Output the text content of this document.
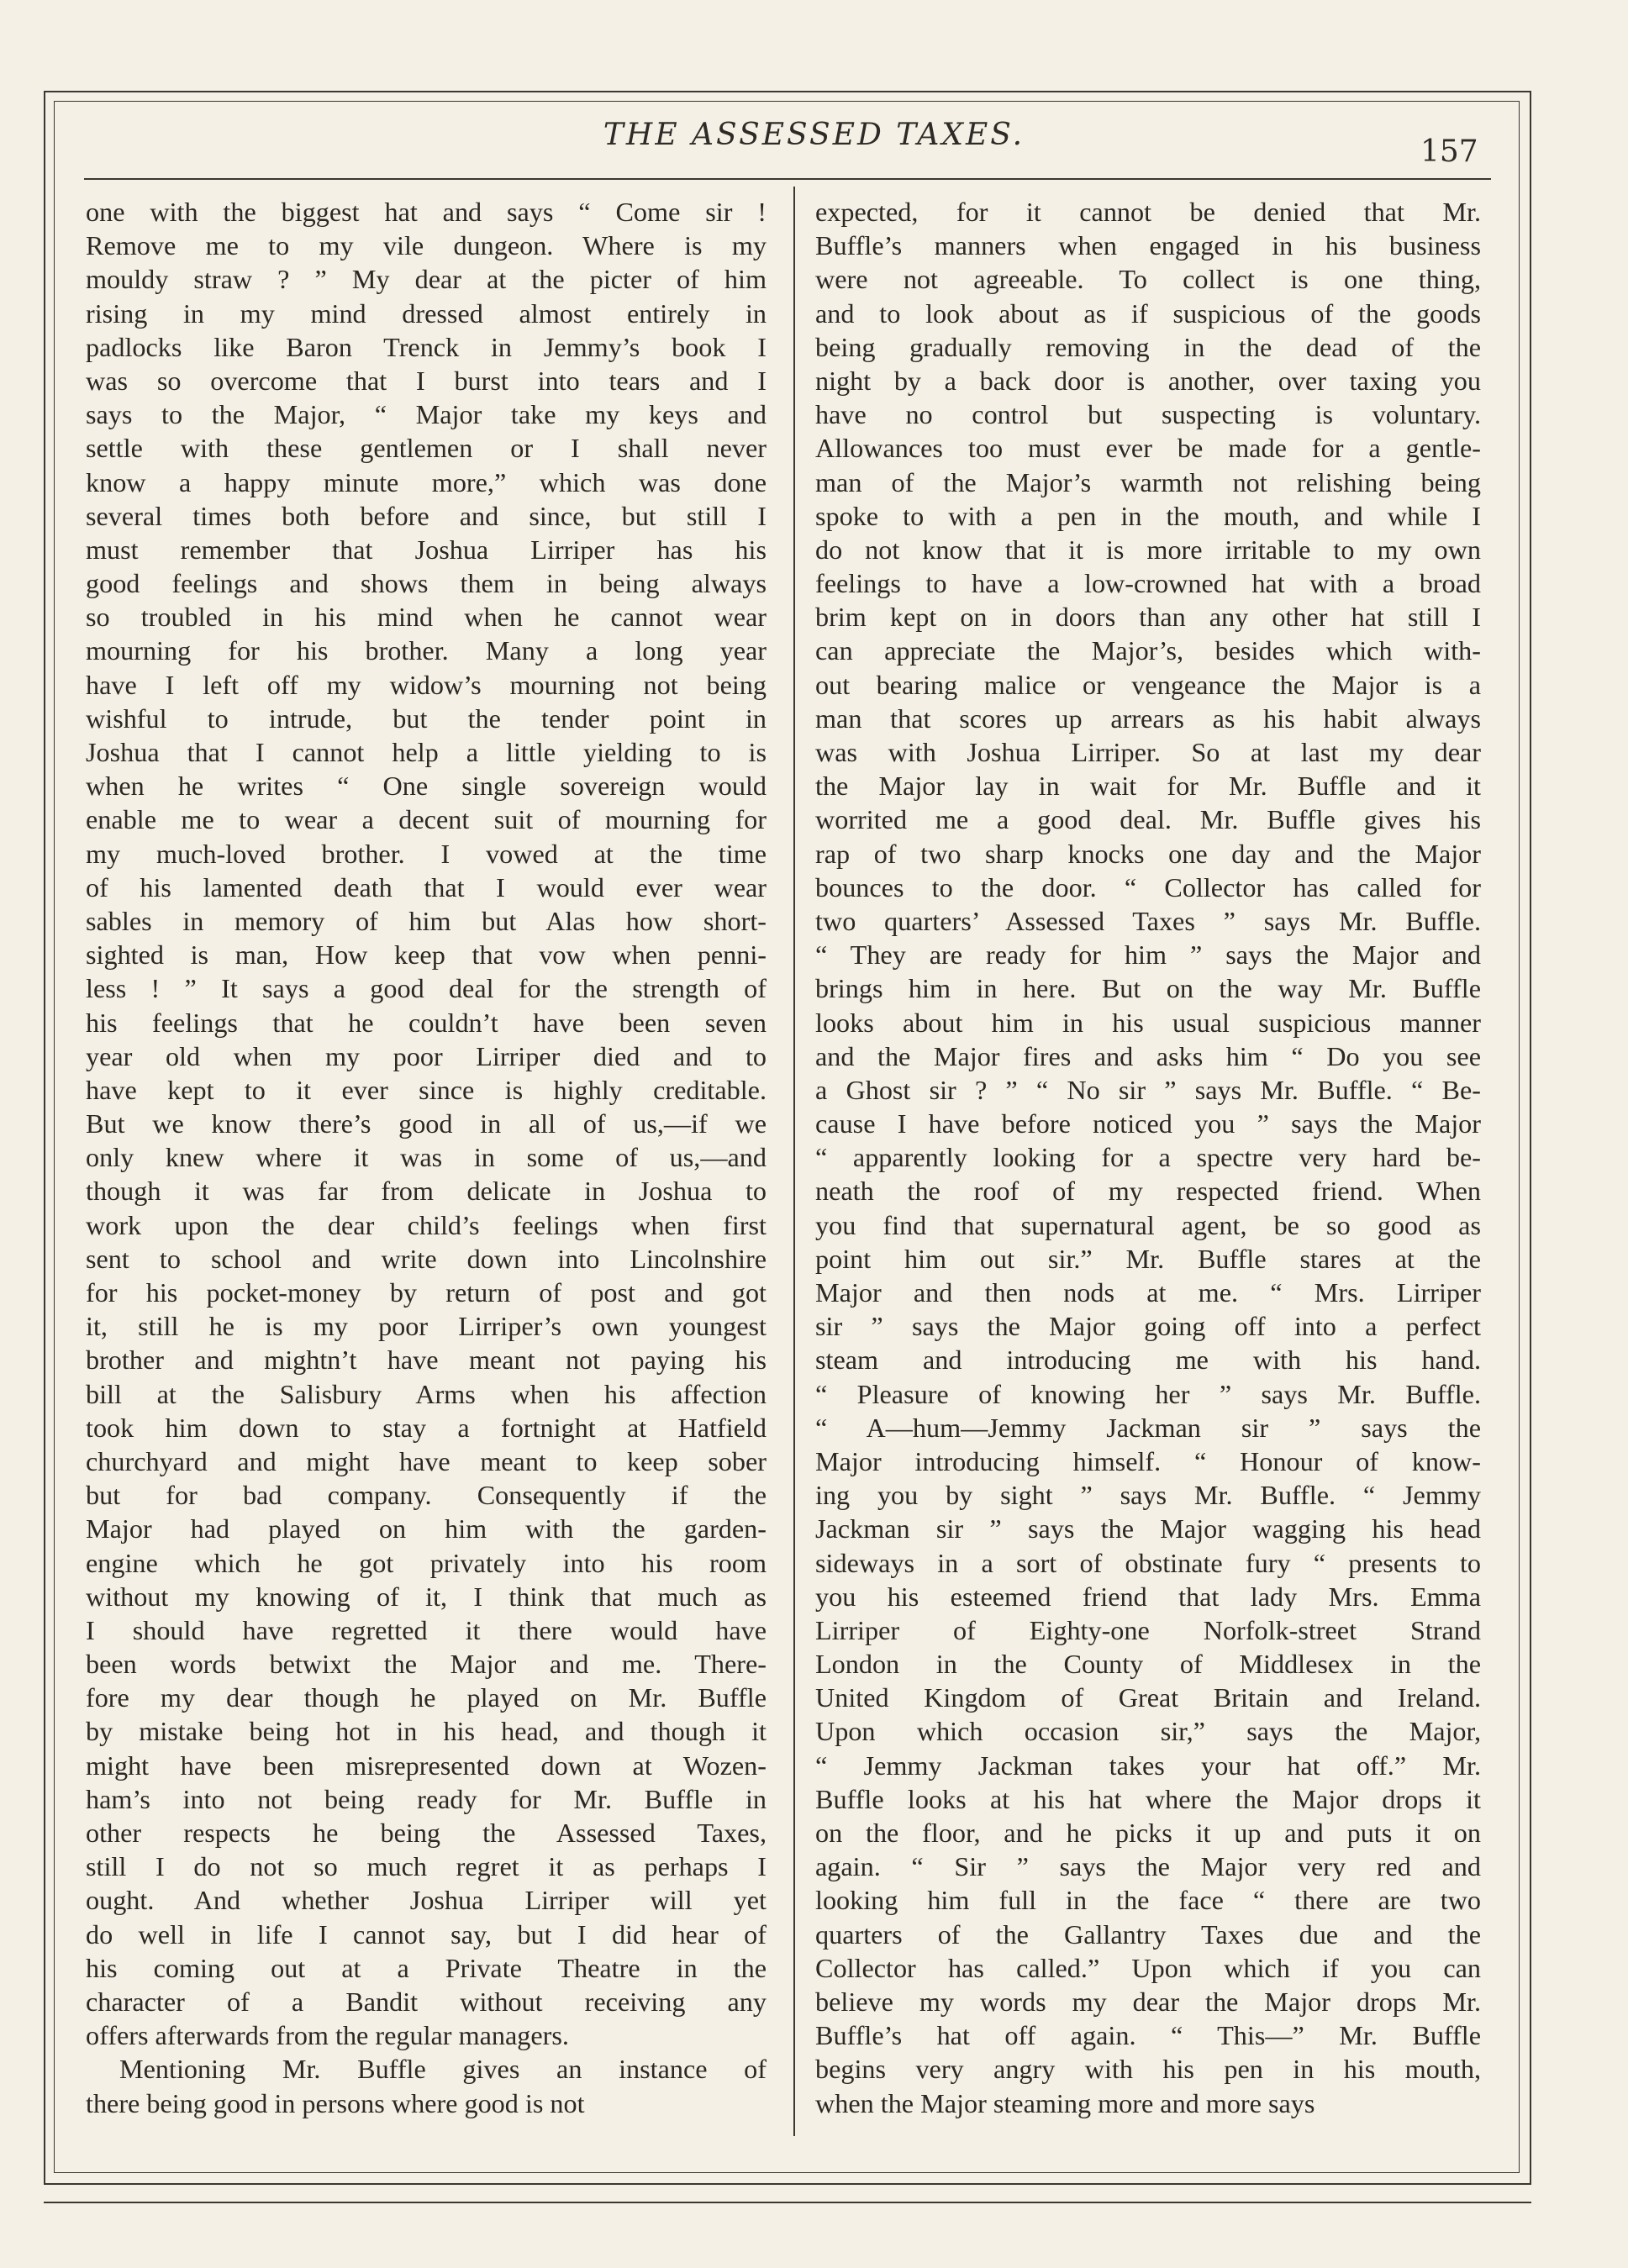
THE ASSESSED TAXES.	157
one with the biggest hat and says “ Come sir !
Remove me to my vile dungeon. Where is my
mouldy straw ? ” My dear at the picter of him
rising in my mind dressed almost entirely in
padlocks like Baron Trenck in Jemmy’s book I
was so overcome that I burst into tears and I
says to the Major, “ Major take my keys and
settle with these gentlemen or I shall never
know a happy minute more,” which was done
several times both before and since, but still I
must remember that Joshua Lirriper has his
good feelings and shows them in being always
so troubled in his mind when he cannot wear
mourning for his brother. Many a long year
have I left off my widow’s mourning not being
wishful to intrude, but the tender point in
Joshua that I cannot help a little yielding to is
when he writes “ One single sovereign would
enable me to wear a decent suit of mourning for
my much-loved brother. I vowed at the time
of his lamented death that I would ever wear
sables in memory of him but Alas how short-
sighted is man, How keep that vow when penni-
less ! ” It says a good deal for the strength of
his feelings that he couldn’t have been seven
year old when my poor Lirriper died and to
have kept to it ever since is highly creditable.
But we know there’s good in all of us,—if we
only knew where it was in some of us,—and
though it was far from delicate in Joshua to
work upon the dear child’s feelings when first
sent to school and write down into Lincolnshire
for his pocket-money by return of post and got
it, still he is my poor Lirriper’s own youngest
brother and mightn’t have meant not paying his
bill at the Salisbury Arms when his affection
took him down to stay a fortnight at Hatfield
churchyard and might have meant to keep sober
but for bad company. Consequently if the
Major had played on him with the garden-
engine which he got privately into his room
without my knowing of it, I think that much as
I should have regretted it there would have
been words betwixt the Major and me. There-
fore my dear though he played on Mr. Buffle
by mistake being hot in his head, and though it
might have been misrepresented down at Wozen-
ham’s into not being ready for Mr. Buffle in
other respects he being the Assessed Taxes,
still I do not so much regret it as perhaps I
ought. And whether Joshua Lirriper will yet
do well in life I cannot say, but I did hear of
his coming out at a Private Theatre in the
character of a Bandit without receiving any
offers afterwards from the regular managers.
Mentioning Mr. Buffle gives an instance of
there being good in persons where good is not
expected, for it cannot be denied that Mr.
Buffle’s manners when engaged in his business
were not agreeable. To collect is one thing,
and to look about as if suspicious of the goods
being gradually removing in the dead of the
night by a back door is another, over taxing you
have no control but suspecting is voluntary.
Allowances too must ever be made for a gentle-
man of the Major’s warmth not relishing being
spoke to with a pen in the mouth, and while I
do not know that it is more irritable to my own
feelings to have a low-crowned hat with a broad
brim kept on in doors than any other hat still I
can appreciate the Major’s, besides which with-
out bearing malice or vengeance the Major is a
man that scores up arrears as his habit always
was with Joshua Lirriper. So at last my dear
the Major lay in wait for Mr. Buffle and it
worrited me a good deal. Mr. Buffle gives his
rap of two sharp knocks one day and the Major
bounces to the door. “ Collector has called for
two quarters’ Assessed Taxes ” says Mr. Buffle.
“ They are ready for him ” says the Major and
brings him in here. But on the way Mr. Buffle
looks about him in his usual suspicious manner
and the Major fires and asks him “ Do you see
a Ghost sir ? ” “ No sir ” says Mr. Buffle. “ Be-
cause I have before noticed you ” says the Major
“ apparently looking for a spectre very hard be-
neath the roof of my respected friend. When
you find that supernatural agent, be so good as
point him out sir.” Mr. Buffle stares at the
Major and then nods at me. “ Mrs. Lirriper
sir ” says the Major going off into a perfect
steam and introducing me with his hand.
“ Pleasure of knowing her ” says Mr. Buffle.
“ A—hum—Jemmy Jackman sir ” says the
Major introducing himself. “ Honour of know-
ing you by sight ” says Mr. Buffle. “ Jemmy
Jackman sir ” says the Major wagging his head
sideways in a sort of obstinate fury “ presents to
you his esteemed friend that lady Mrs. Emma
Lirriper of Eighty-one Norfolk-street Strand
London in the County of Middlesex in the
United Kingdom of Great Britain and Ireland.
Upon which occasion sir,” says the Major,
“ Jemmy Jackman takes your hat off.” Mr.
Buffle looks at his hat where the Major drops it
on the floor, and he picks it up and puts it on
again. “ Sir ” says the Major very red and
looking him full in the face “ there are two
quarters of the Gallantry Taxes due and the
Collector has called.” Upon which if you can
believe my words my dear the Major drops Mr.
Buffle’s hat off again. “ This—” Mr. Buffle
begins very angry with his pen in his mouth,
when the Major steaming more and more says
